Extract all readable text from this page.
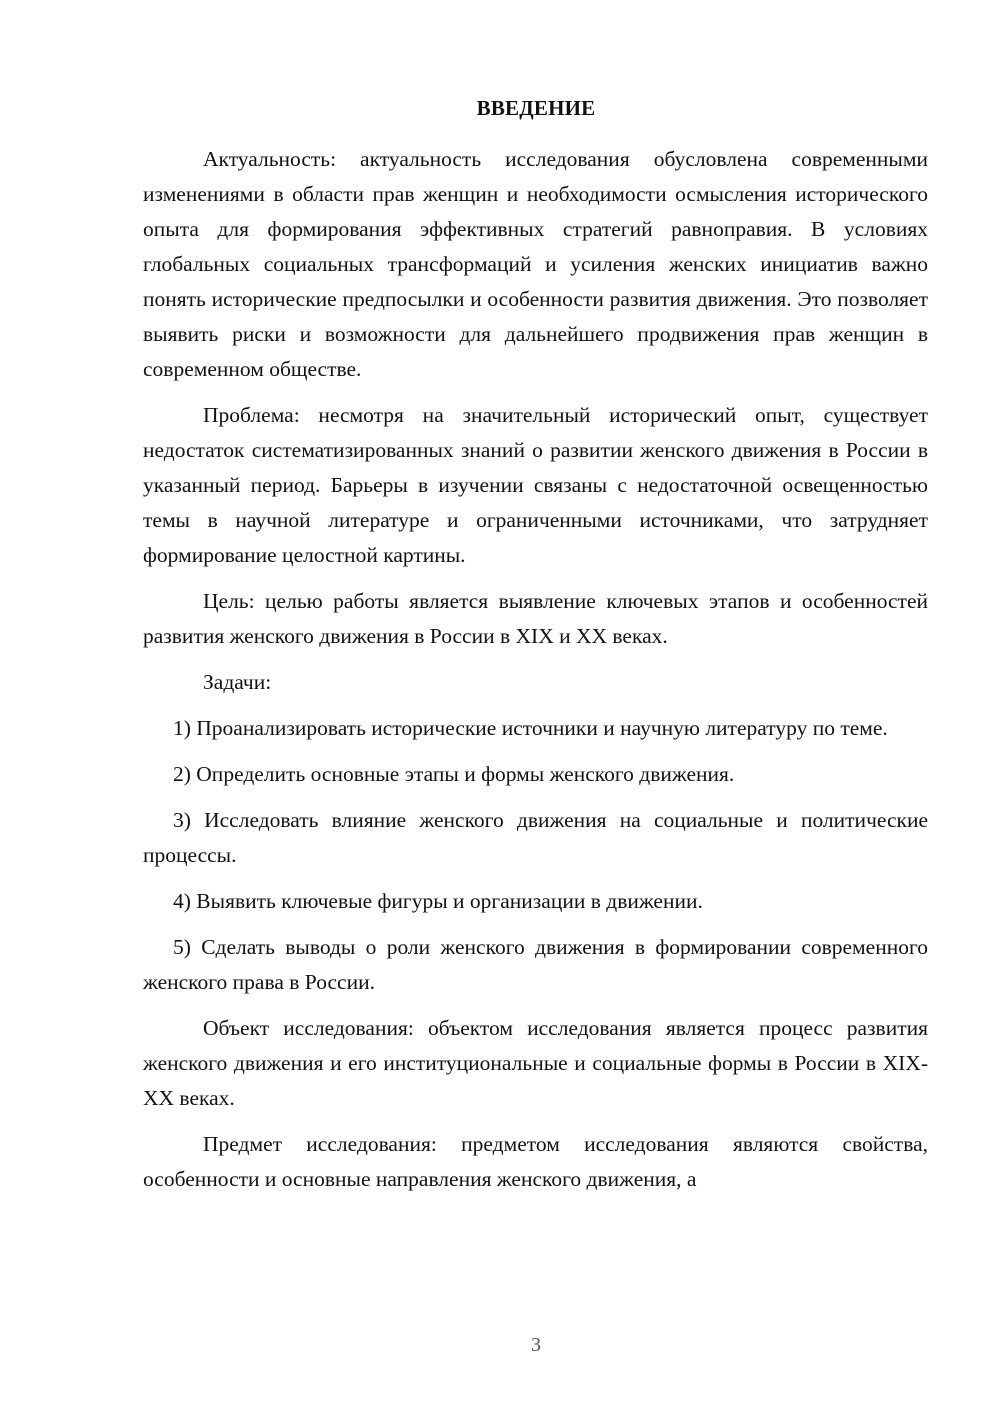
ВВЕДЕНИЕ

Актуальность: актуальность исследования обусловлена современными изменениями в области прав женщин и необходимости осмысления исторического опыта для формирования эффективных стратегий равноправия. В условиях глобальных социальных трансформаций и усиления женских инициатив важно понять исторические предпосылки и особенности развития движения. Это позволяет выявить риски и возможности для дальнейшего продвижения прав женщин в современном обществе.

Проблема: несмотря на значительный исторический опыт, существует недостаток систематизированных знаний о развитии женского движения в России в указанный период. Барьеры в изучении связаны с недостаточной освещенностью темы в научной литературе и ограниченными источниками, что затрудняет формирование целостной картины.

Цель: целью работы является выявление ключевых этапов и особенностей развития женского движения в России в XIX и XX веках.

Задачи:

1) Проанализировать исторические источники и научную литературу по теме.

2) Определить основные этапы и формы женского движения.

3) Исследовать влияние женского движения на социальные и политические процессы.

4) Выявить ключевые фигуры и организации в движении.

5) Сделать выводы о роли женского движения в формировании современного женского права в России.

Объект исследования: объектом исследования является процесс развития женского движения и его институциональные и социальные формы в России в XIX-XX веках.

Предмет исследования: предметом исследования являются свойства, особенности и основные направления женского движения, а

3
